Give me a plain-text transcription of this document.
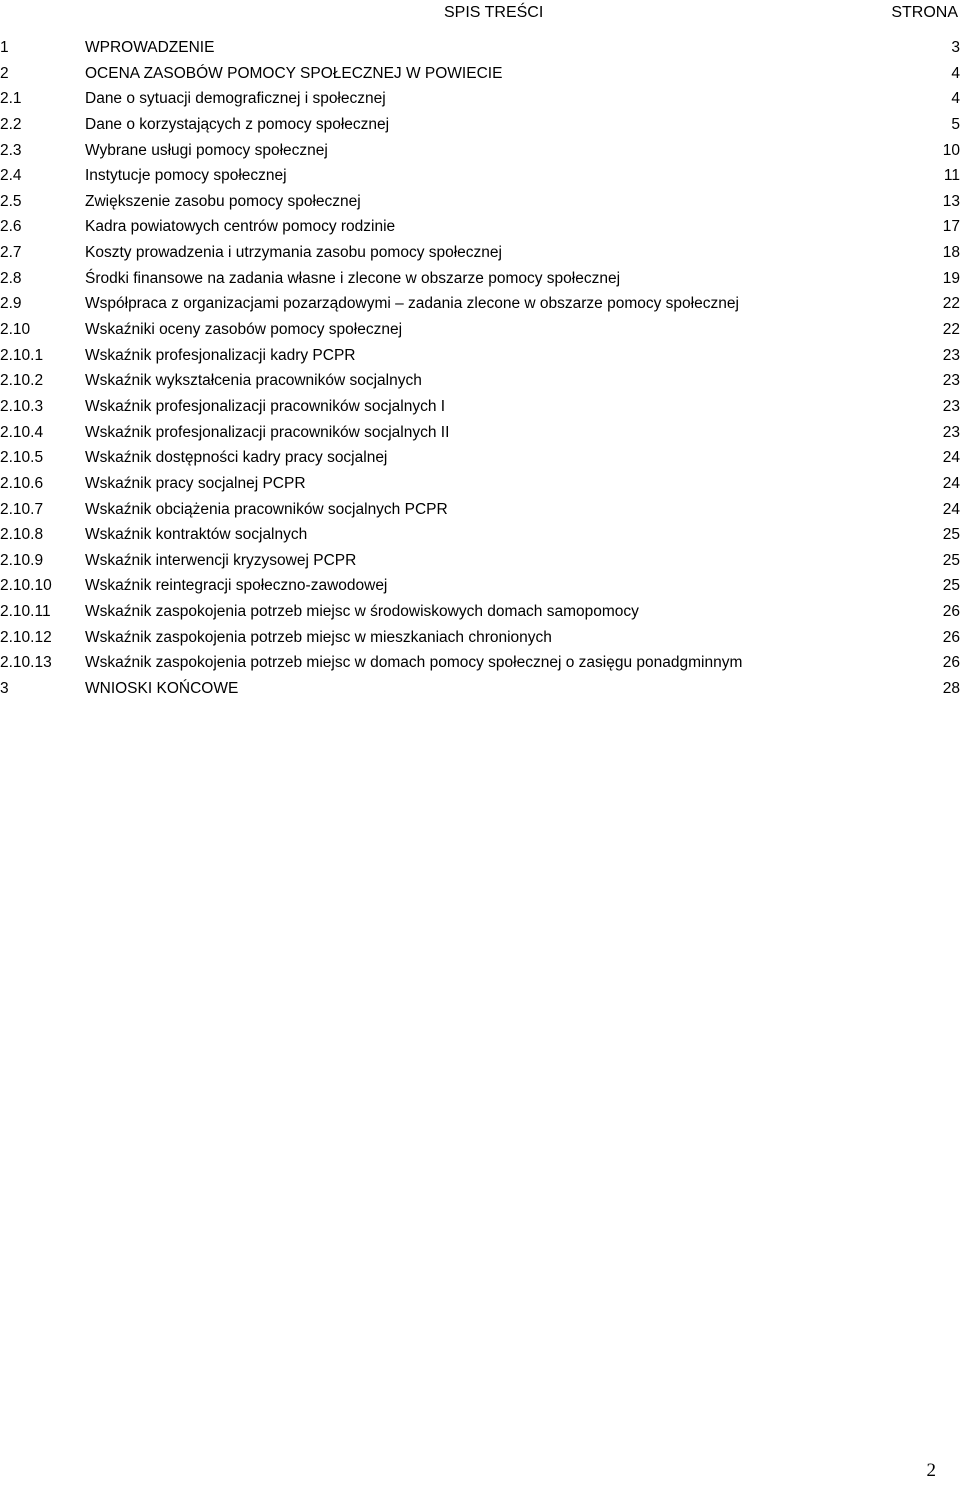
SPIS TREŚCI	STRONA
1	WPROWADZENIE	3
2	OCENA ZASOBÓW POMOCY SPOŁECZNEJ W POWIECIE	4
2.1	Dane o sytuacji demograficznej i społecznej	4
2.2	Dane o korzystających z pomocy społecznej	5
2.3	Wybrane usługi pomocy społecznej	10
2.4	Instytucje pomocy społecznej	11
2.5	Zwiększenie zasobu pomocy społecznej	13
2.6	Kadra powiatowych centrów pomocy rodzinie	17
2.7	Koszty prowadzenia i utrzymania zasobu pomocy społecznej	18
2.8	Środki finansowe na zadania własne i zlecone w obszarze pomocy społecznej	19
2.9	Współpraca z organizacjami pozarządowymi – zadania zlecone w obszarze pomocy społecznej	22
2.10	Wskaźniki oceny zasobów pomocy społecznej	22
2.10.1	Wskaźnik profesjonalizacji kadry PCPR	23
2.10.2	Wskaźnik wykształcenia pracowników socjalnych	23
2.10.3	Wskaźnik profesjonalizacji pracowników socjalnych I	23
2.10.4	Wskaźnik profesjonalizacji pracowników socjalnych II	23
2.10.5	Wskaźnik dostępności kadry pracy socjalnej	24
2.10.6	Wskaźnik pracy socjalnej PCPR	24
2.10.7	Wskaźnik obciążenia pracowników socjalnych PCPR	24
2.10.8	Wskaźnik kontraktów socjalnych	25
2.10.9	Wskaźnik interwencji kryzysowej PCPR	25
2.10.10 Wskaźnik reintegracji społeczno-zawodowej	25
2.10.11 Wskaźnik zaspokojenia potrzeb miejsc w środowiskowych domach samopomocy	26
2.10.12 Wskaźnik zaspokojenia potrzeb miejsc w mieszkaniach chronionych	26
2.10.13 Wskaźnik zaspokojenia potrzeb miejsc w domach pomocy społecznej o zasięgu ponadgminnym	26
3	WNIOSKI KOŃCOWE	28
2
